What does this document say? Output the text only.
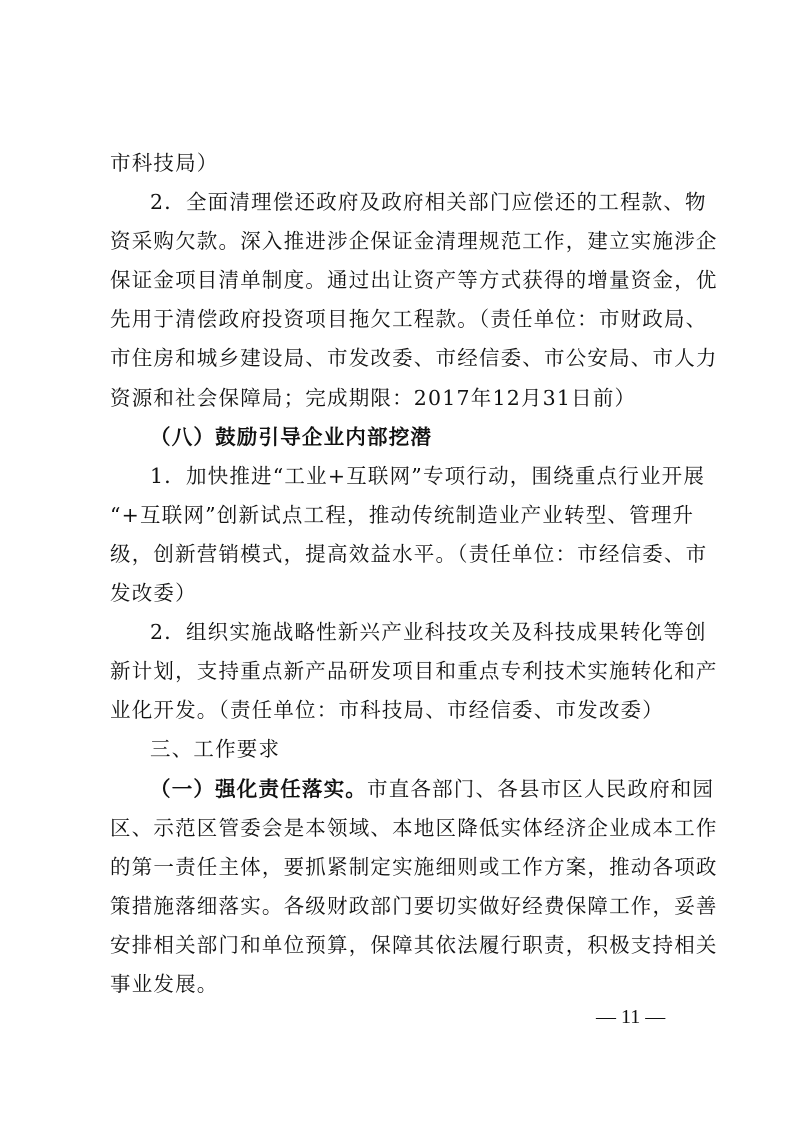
市科技局）
2．全面清理偿还政府及政府相关部门应偿还的工程款、物
资采购欠款。深入推进涉企保证金清理规范工作，建立实施涉企
保证金项目清单制度。通过出让资产等方式获得的增量资金，优
先用于清偿政府投资项目拖欠工程款。（责任单位：市财政局、
市住房和城乡建设局、市发改委、市经信委、市公安局、市人力
资源和社会保障局；完成期限：2017年12月31日前）
（八）鼓励引导企业内部挖潜
1．加快推进“工业+互联网”专项行动，围绕重点行业开展
“+互联网”创新试点工程，推动传统制造业产业转型、管理升
级，创新营销模式，提高效益水平。（责任单位：市经信委、市
发改委）
2．组织实施战略性新兴产业科技攻关及科技成果转化等创
新计划，支持重点新产品研发项目和重点专利技术实施转化和产
业化开发。（责任单位：市科技局、市经信委、市发改委）
三、工作要求
（一）强化责任落实。市直各部门、各县市区人民政府和园
区、示范区管委会是本领域、本地区降低实体经济企业成本工作
的第一责任主体，要抓紧制定实施细则或工作方案，推动各项政
策措施落细落实。各级财政部门要切实做好经费保障工作，妥善
安排相关部门和单位预算，保障其依法履行职责，积极支持相关
事业发展。
— 11 —
